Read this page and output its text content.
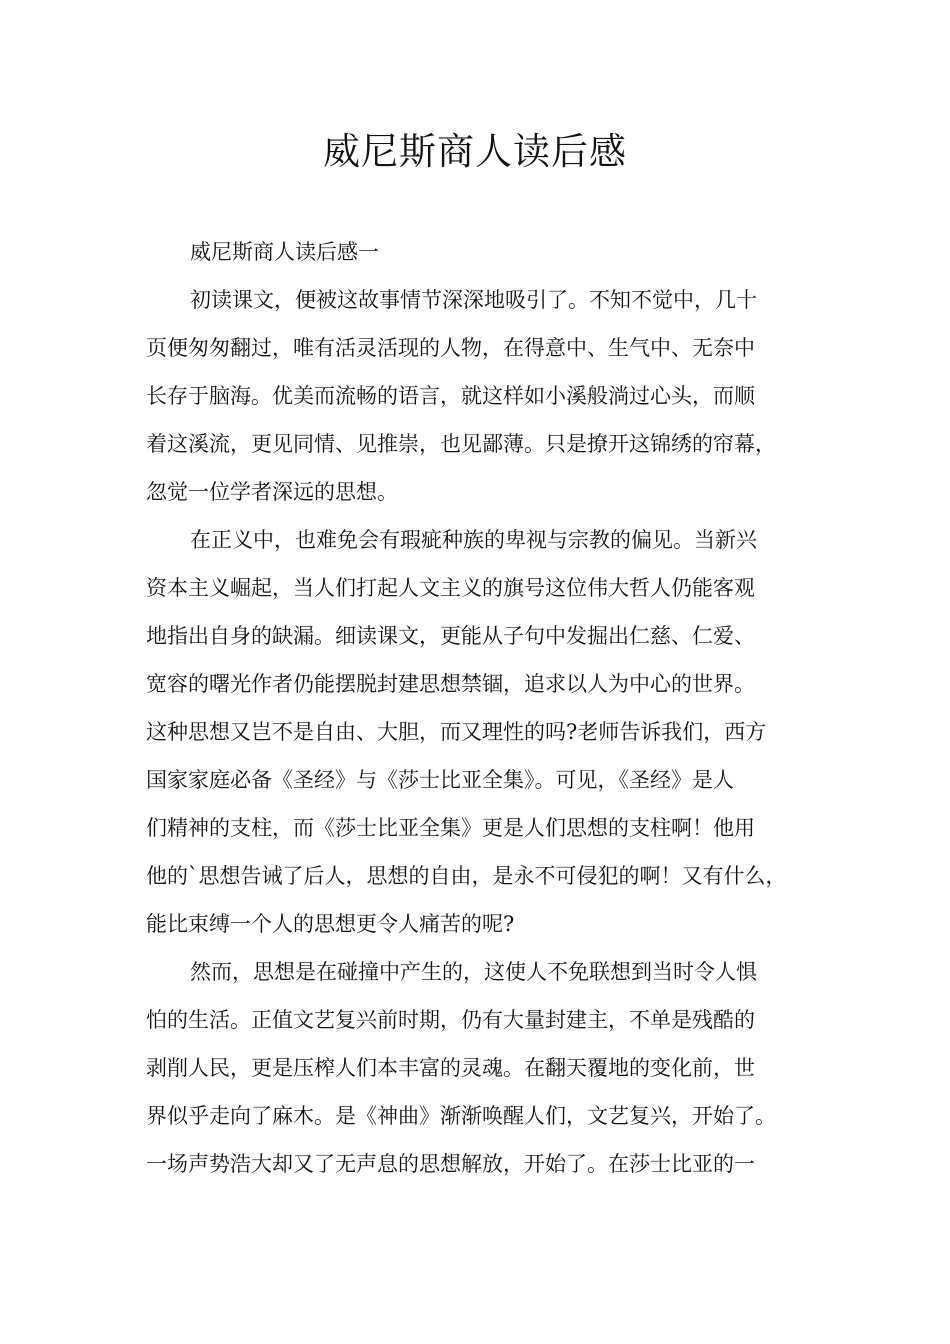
威尼斯商人读后感
威尼斯商人读后感一
初读课文，便被这故事情节深深地吸引了。不知不觉中，几十
页便匆匆翻过，唯有活灵活现的人物，在得意中、生气中、无奈中
长存于脑海。优美而流畅的语言，就这样如小溪般淌过心头，而顺
着这溪流，更见同情、见推崇，也见鄙薄。只是撩开这锦绣的帘幕，
忽觉一位学者深远的思想。
在正义中，也难免会有瑕疵种族的卑视与宗教的偏见。当新兴
资本主义崛起，当人们打起人文主义的旗号这位伟大哲人仍能客观
地指出自身的缺漏。细读课文，更能从子句中发掘出仁慈、仁爱、
宽容的曙光作者仍能摆脱封建思想禁锢，追求以人为中心的世界。
这种思想又岂不是自由、大胆，而又理性的吗?老师告诉我们，西方
国家家庭必备《圣经》与《莎士比亚全集》。可见，《圣经》是人
们精神的支柱，而《莎士比亚全集》更是人们思想的支柱啊！他用
他的`思想告诫了后人，思想的自由，是永不可侵犯的啊！又有什么，
能比束缚一个人的思想更令人痛苦的呢?
然而，思想是在碰撞中产生的，这使人不免联想到当时令人惧
怕的生活。正值文艺复兴前时期，仍有大量封建主，不单是残酷的
剥削人民，更是压榨人们本丰富的灵魂。在翻天覆地的变化前，世
界似乎走向了麻木。是《神曲》渐渐唤醒人们，文艺复兴，开始了。
一场声势浩大却又了无声息的思想解放，开始了。在莎士比亚的一
